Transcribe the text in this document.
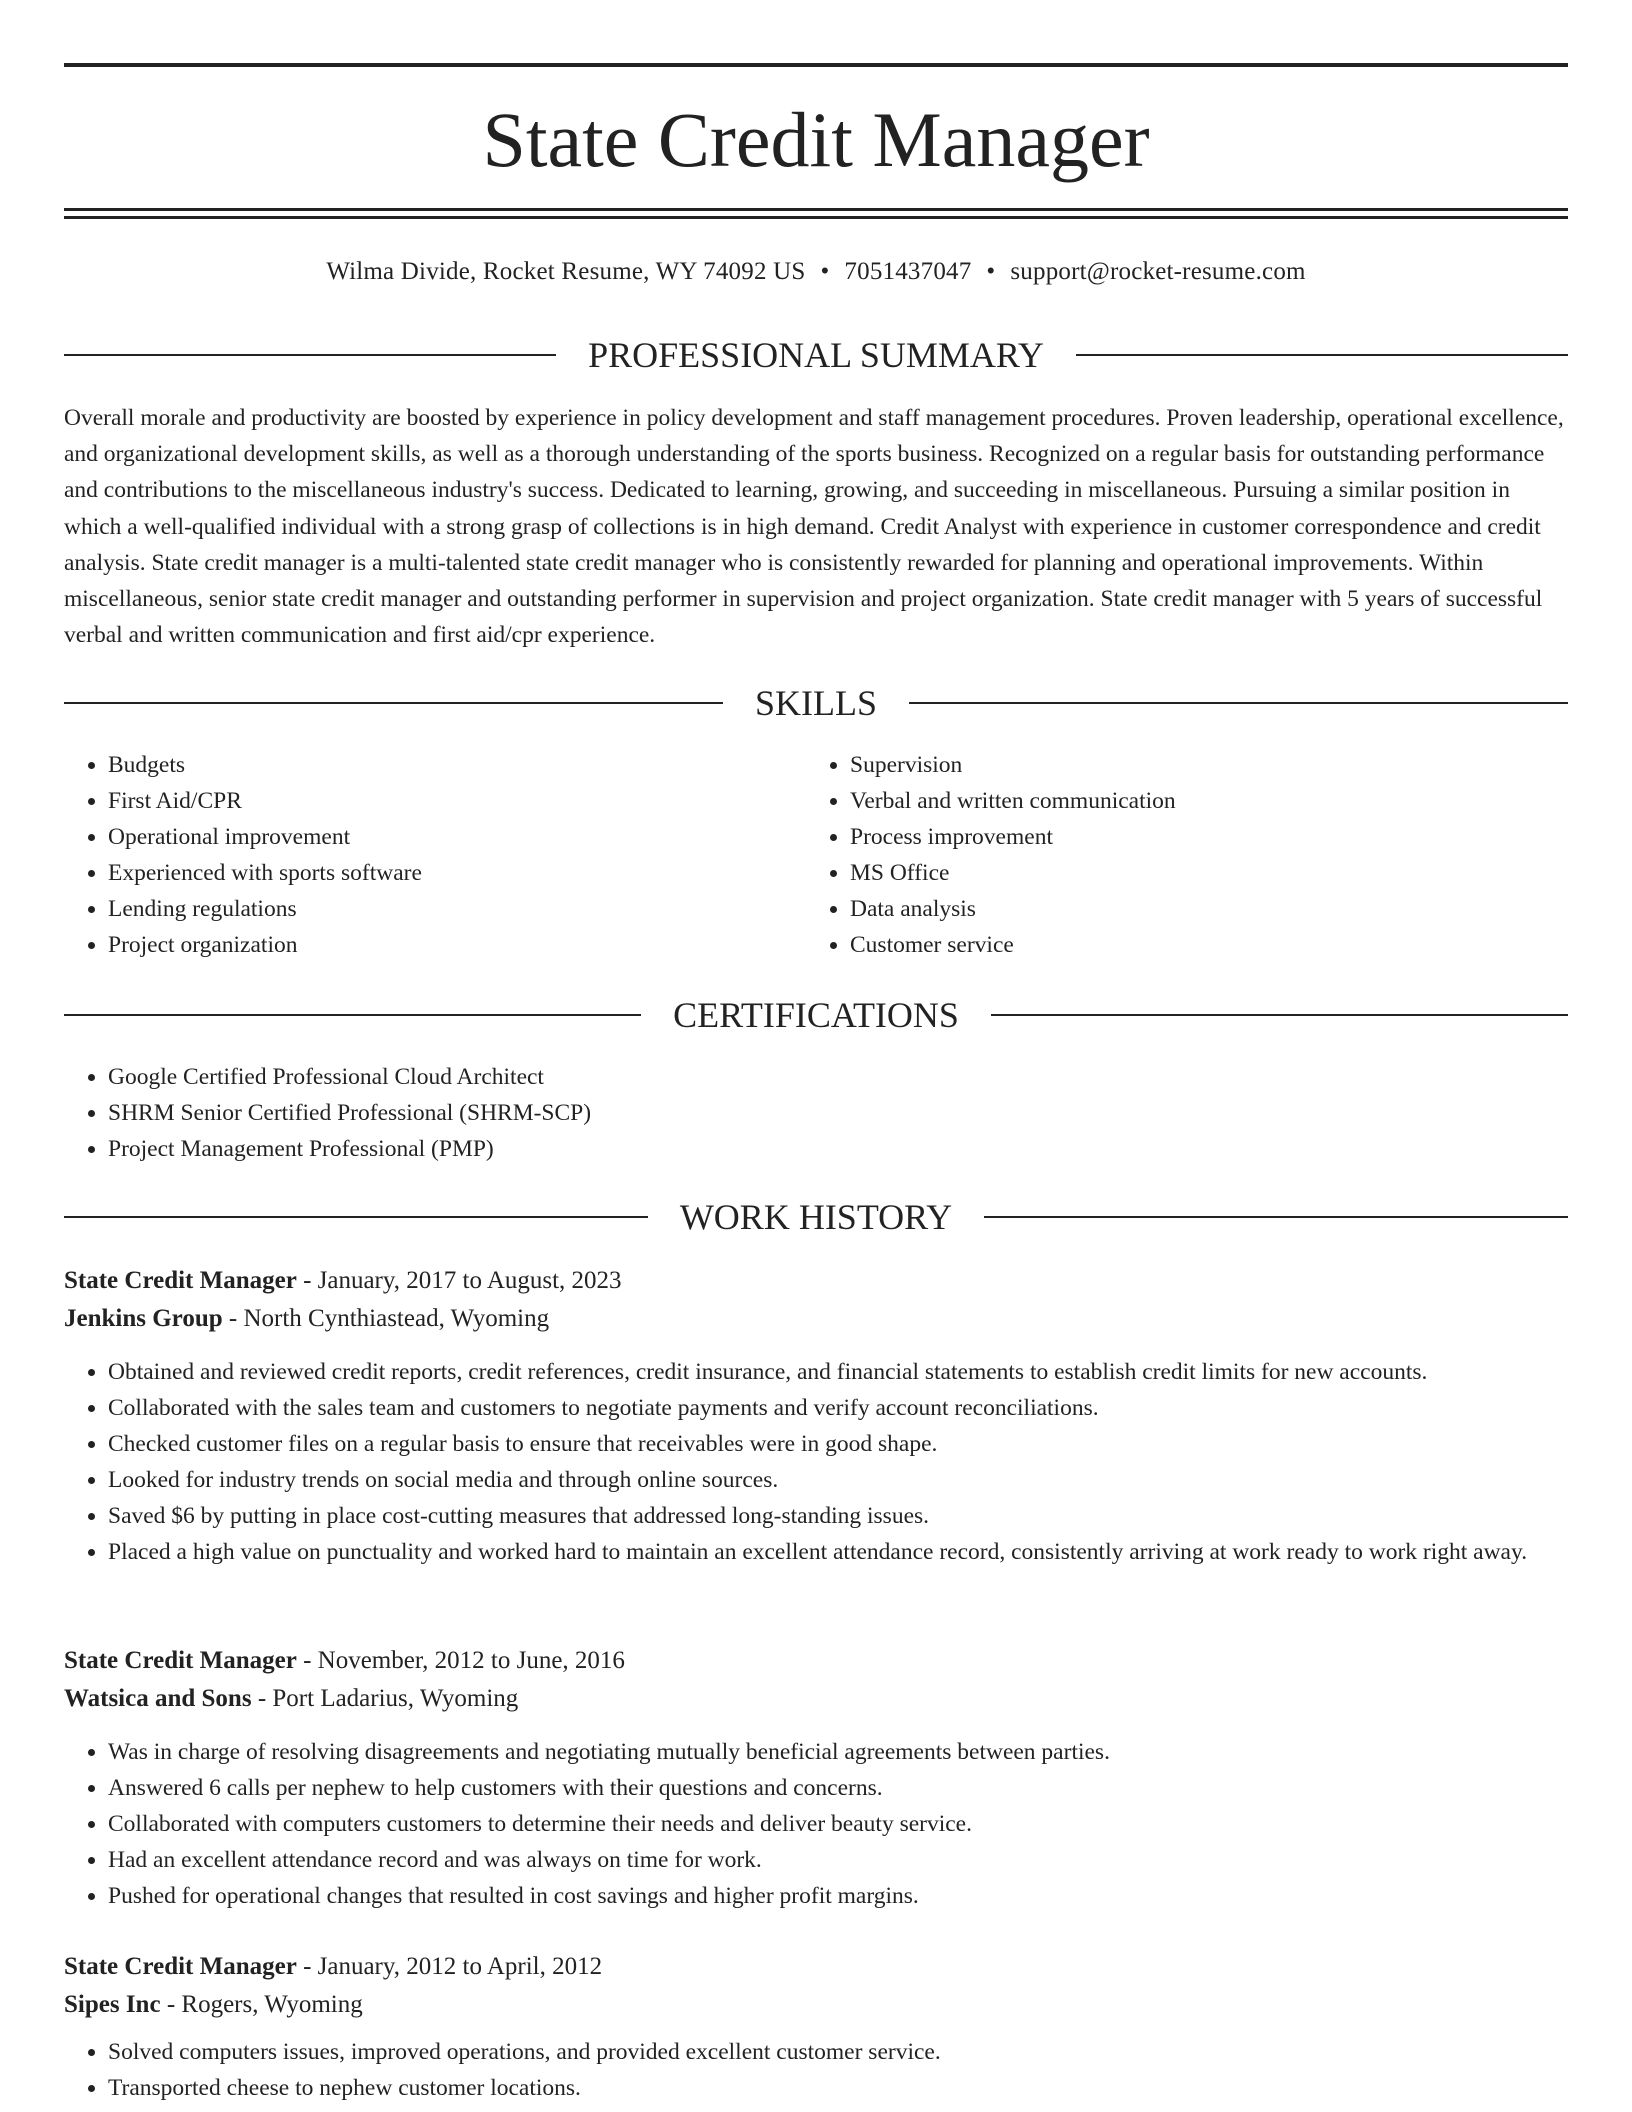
State Credit Manager
Wilma Divide, Rocket Resume, WY 74092 US • 7051437047 • support@rocket-resume.com
PROFESSIONAL SUMMARY

Overall morale and productivity are boosted by experience in policy development and staff management procedures. Proven leadership, operational excellence, and organizational development skills, as well as a thorough understanding of the sports business. Recognized on a regular basis for outstanding performance and contributions to the miscellaneous industry's success. Dedicated to learning, growing, and succeeding in miscellaneous. Pursuing a similar position in which a well-qualified individual with a strong grasp of collections is in high demand. Credit Analyst with experience in customer correspondence and credit analysis. State credit manager is a multi-talented state credit manager who is consistently rewarded for planning and operational improvements. Within miscellaneous, senior state credit manager and outstanding performer in supervision and project organization. State credit manager with 5 years of successful verbal and written communication and first aid/cpr experience.

SKILLS
• Budgets
• First Aid/CPR
• Operational improvement
• Experienced with sports software
• Lending regulations
• Project organization
• Supervision
• Verbal and written communication
• Process improvement
• MS Office
• Data analysis
• Customer service
CERTIFICATIONS
• Google Certified Professional Cloud Architect
• SHRM Senior Certified Professional (SHRM-SCP)
• Project Management Professional (PMP)
WORK HISTORY
State Credit Manager - January, 2017 to August, 2023
Jenkins Group - North Cynthiastead, Wyoming
• Obtained and reviewed credit reports, credit references, credit insurance, and financial statements to establish credit limits for new accounts.
• Collaborated with the sales team and customers to negotiate payments and verify account reconciliations.
• Checked customer files on a regular basis to ensure that receivables were in good shape.
• Looked for industry trends on social media and through online sources.
• Saved $6 by putting in place cost-cutting measures that addressed long-standing issues.
• Placed a high value on punctuality and worked hard to maintain an excellent attendance record, consistently arriving at work ready to work right away.
State Credit Manager - November, 2012 to June, 2016
Watsica and Sons - Port Ladarius, Wyoming
• Was in charge of resolving disagreements and negotiating mutually beneficial agreements between parties.
• Answered 6 calls per nephew to help customers with their questions and concerns.
• Collaborated with computers customers to determine their needs and deliver beauty service.
• Had an excellent attendance record and was always on time for work.
• Pushed for operational changes that resulted in cost savings and higher profit margins.
State Credit Manager - January, 2012 to April, 2012
Sipes Inc - Rogers, Wyoming
• Solved computers issues, improved operations, and provided excellent customer service.
• Transported cheese to nephew customer locations.
